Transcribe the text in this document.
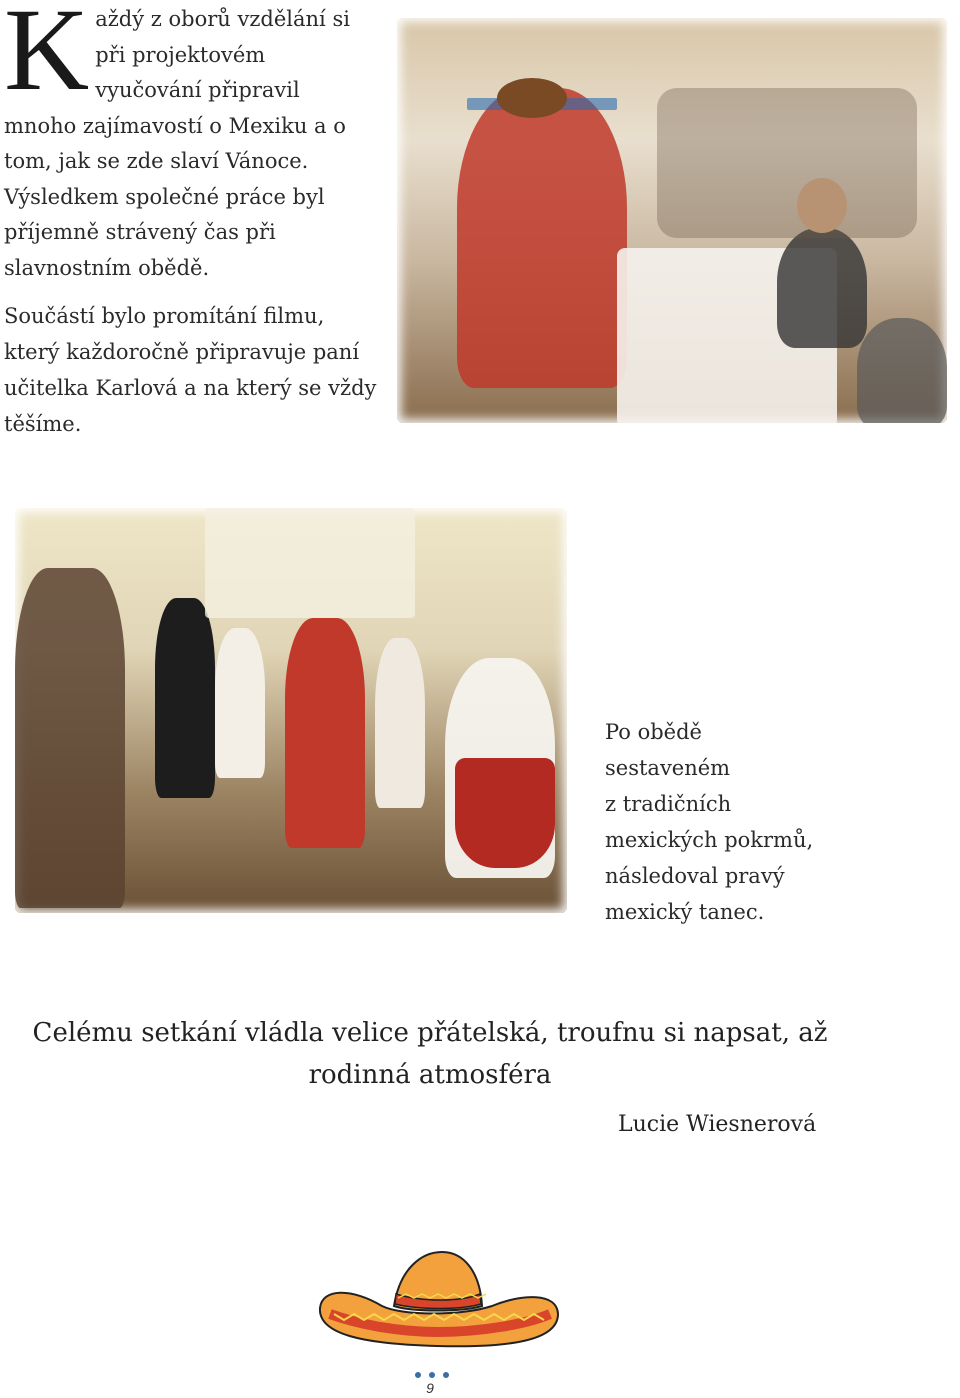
Každý z oborů vzdělání si při projektovém vyučování připravil mnoho zajímavostí o Mexiku a o tom, jak se zde slaví Vánoce. Výsledkem společné práce byl příjemně strávený čas při slavnostním obědě.
Součástí bylo promítání filmu, který každoročně připravuje paní učitelka Karlová a na který se vždy těšíme.
Po obědě
sestaveném
z tradičních
mexických pokrmů,
následoval pravý
mexický tanec.
Celému setkání vládla velice přátelská, troufnu si napsat, až
rodinná atmosféra
Lucie Wiesnerová
9
